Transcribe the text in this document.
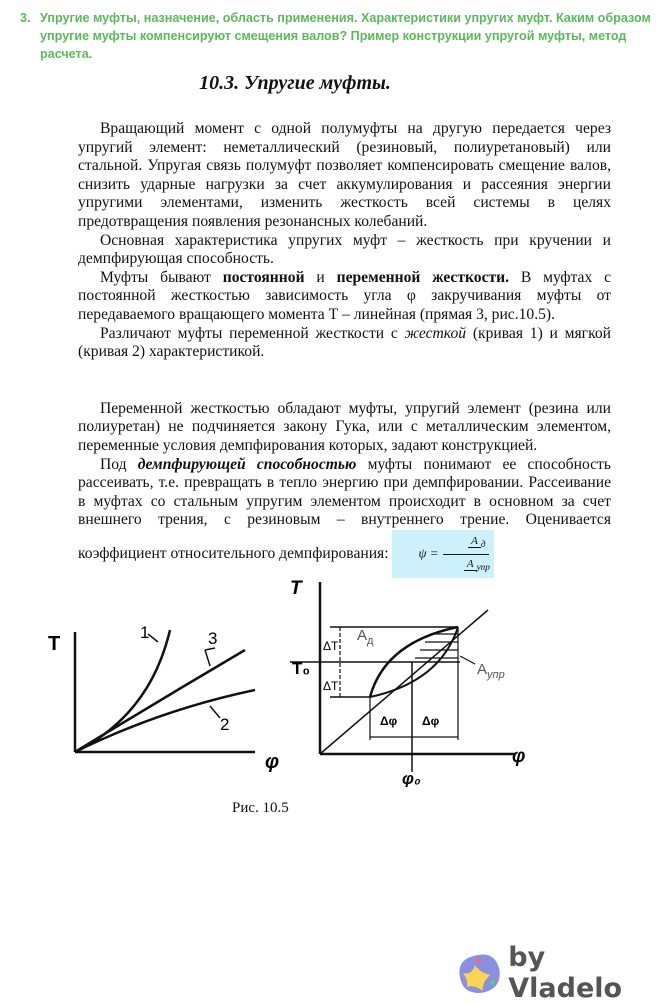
3. Упругие муфты, назначение, область применения. Характеристики упругих муфт. Каким образом упругие муфты компенсируют смещения валов? Пример конструкции упругой муфты, метод расчета.
10.3. Упругие муфты.

Вращающий момент с одной полумуфты на другую передается через упругий элемент: неметаллический (резиновый, полиуретановый) или стальной. Упругая связь полумуфт позволяет компенсировать смещение валов, снизить ударные нагрузки за счет аккумулирования и рассеяния энергии упругими элементами, изменить жесткость всей системы в целях предотвращения появления резонансных колебаний.

Основная характеристика упругих муфт – жесткость при кручении и демпфирующая способность.

Муфты бывают постоянной и переменной жесткости. В муфтах с постоянной жесткостью зависимость угла φ закручивания муфты от передаваемого вращающего момента Т – линейная (прямая 3, рис.10.5).

Различают муфты переменной жесткости с жесткой (кривая 1) и мягкой (кривая 2) характеристикой.

Переменной жесткостью обладают муфты, упругий элемент (резина или полиуретан) не подчиняется закону Гука, или с металлическим элементом, переменные условия демпфирования которых, задают конструкцией.

Под демпфирующей способностью муфты понимают ее способность рассеивать, т.е. превращать в тепло энергию при демпфировании. Рассеивание в муфтах со стальным упругим элементом происходит в основном за счет внешнего трения, с резиновым – внутреннего трение. Оценивается коэффициент относительного демпфирования: $\psi = \frac{A _д}{A _{упр}}$

T
φ
1	3
2
T
φ
T₀
φ₀
ΔT
ΔT
Δφ Δφ
$A_д$
$A_{упр}$
Рис. 10.5
by Vladelo
